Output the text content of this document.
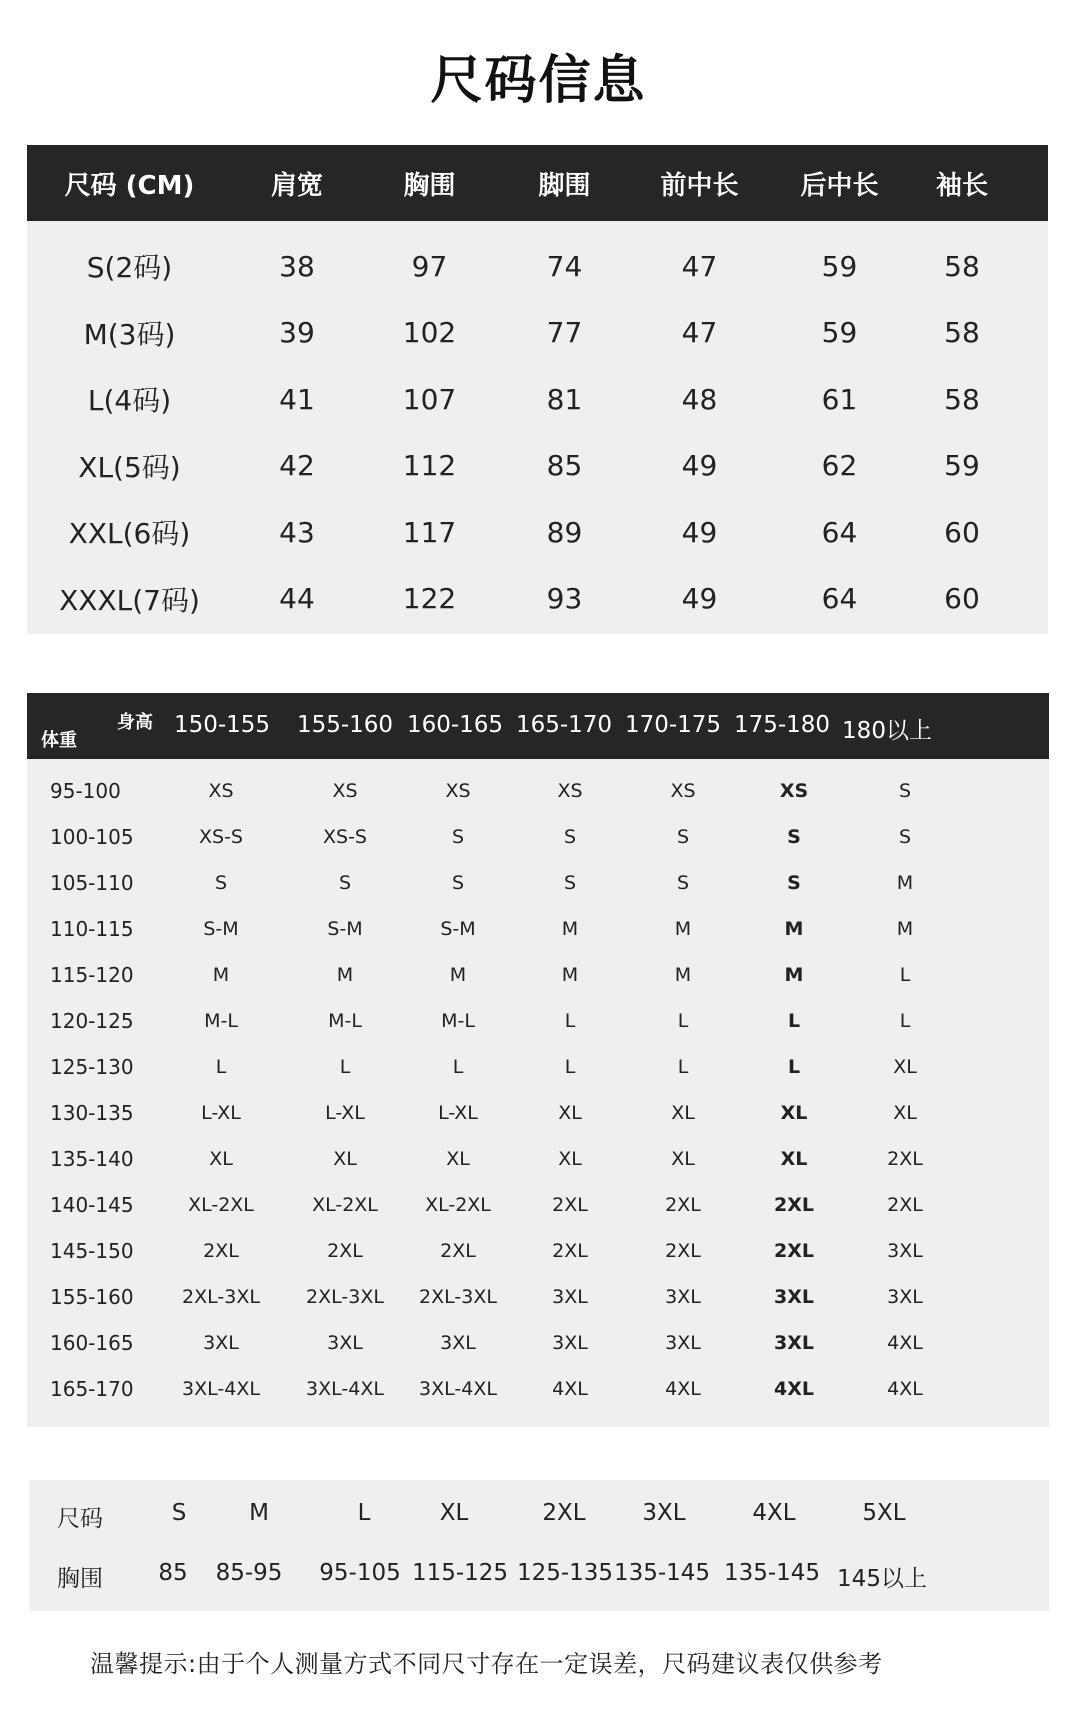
尺码信息
尺码 (CM)	肩宽	胸围	脚围	前中长	后中长	袖长
S(2码)	38	97	74	47	59	58
M(3码)	39	102	77	47	59	58
L(4码)	41	107	81	48	61	58
XL(5码)	42	112	85	49	62	59
XXL(6码)	43	117	89	49	64	60
XXXL(7码)	44	122	93	49	64	60
身高
体重
150-155	155-160 160-165 165-170 170-175 175-180 180以上
95-100	XS	XS	XS	XS	XS	XS	S
100-105	XS-S	XS-S	S	S	S	S	S
105-110	S	S	S	S	S	S	M
110-115	S-M	S-M	S-M	M	M	M	M
115-120	M	M	M	M	M	M	L
120-125	M-L	M-L	M-L	L	L	L	L
125-130	L	L	L	L	L	L	XL
130-135	L-XL	L-XL	L-XL	XL	XL	XL	XL
135-140	XL	XL	XL	XL	XL	XL	2XL
140-145	XL-2XL	XL-2XL	XL-2XL	2XL	2XL	2XL	2XL
145-150	2XL	2XL	2XL	2XL	2XL	2XL	3XL
155-160	2XL-3XL	2XL-3XL	2XL-3XL	3XL	3XL	3XL	3XL
160-165	3XL	3XL	3XL	3XL	3XL	3XL	4XL
165-170	3XL-4XL	3XL-4XL	3XL-4XL	4XL	4XL	4XL	4XL
尺码	S	M	L	XL	2XL	3XL	4XL	5XL
胸围	85	85-95	95-105 115-125 125-135 135-145 135-145 145以上
温馨提示:由于个人测量方式不同尺寸存在一定误差，尺码建议表仅供参考
